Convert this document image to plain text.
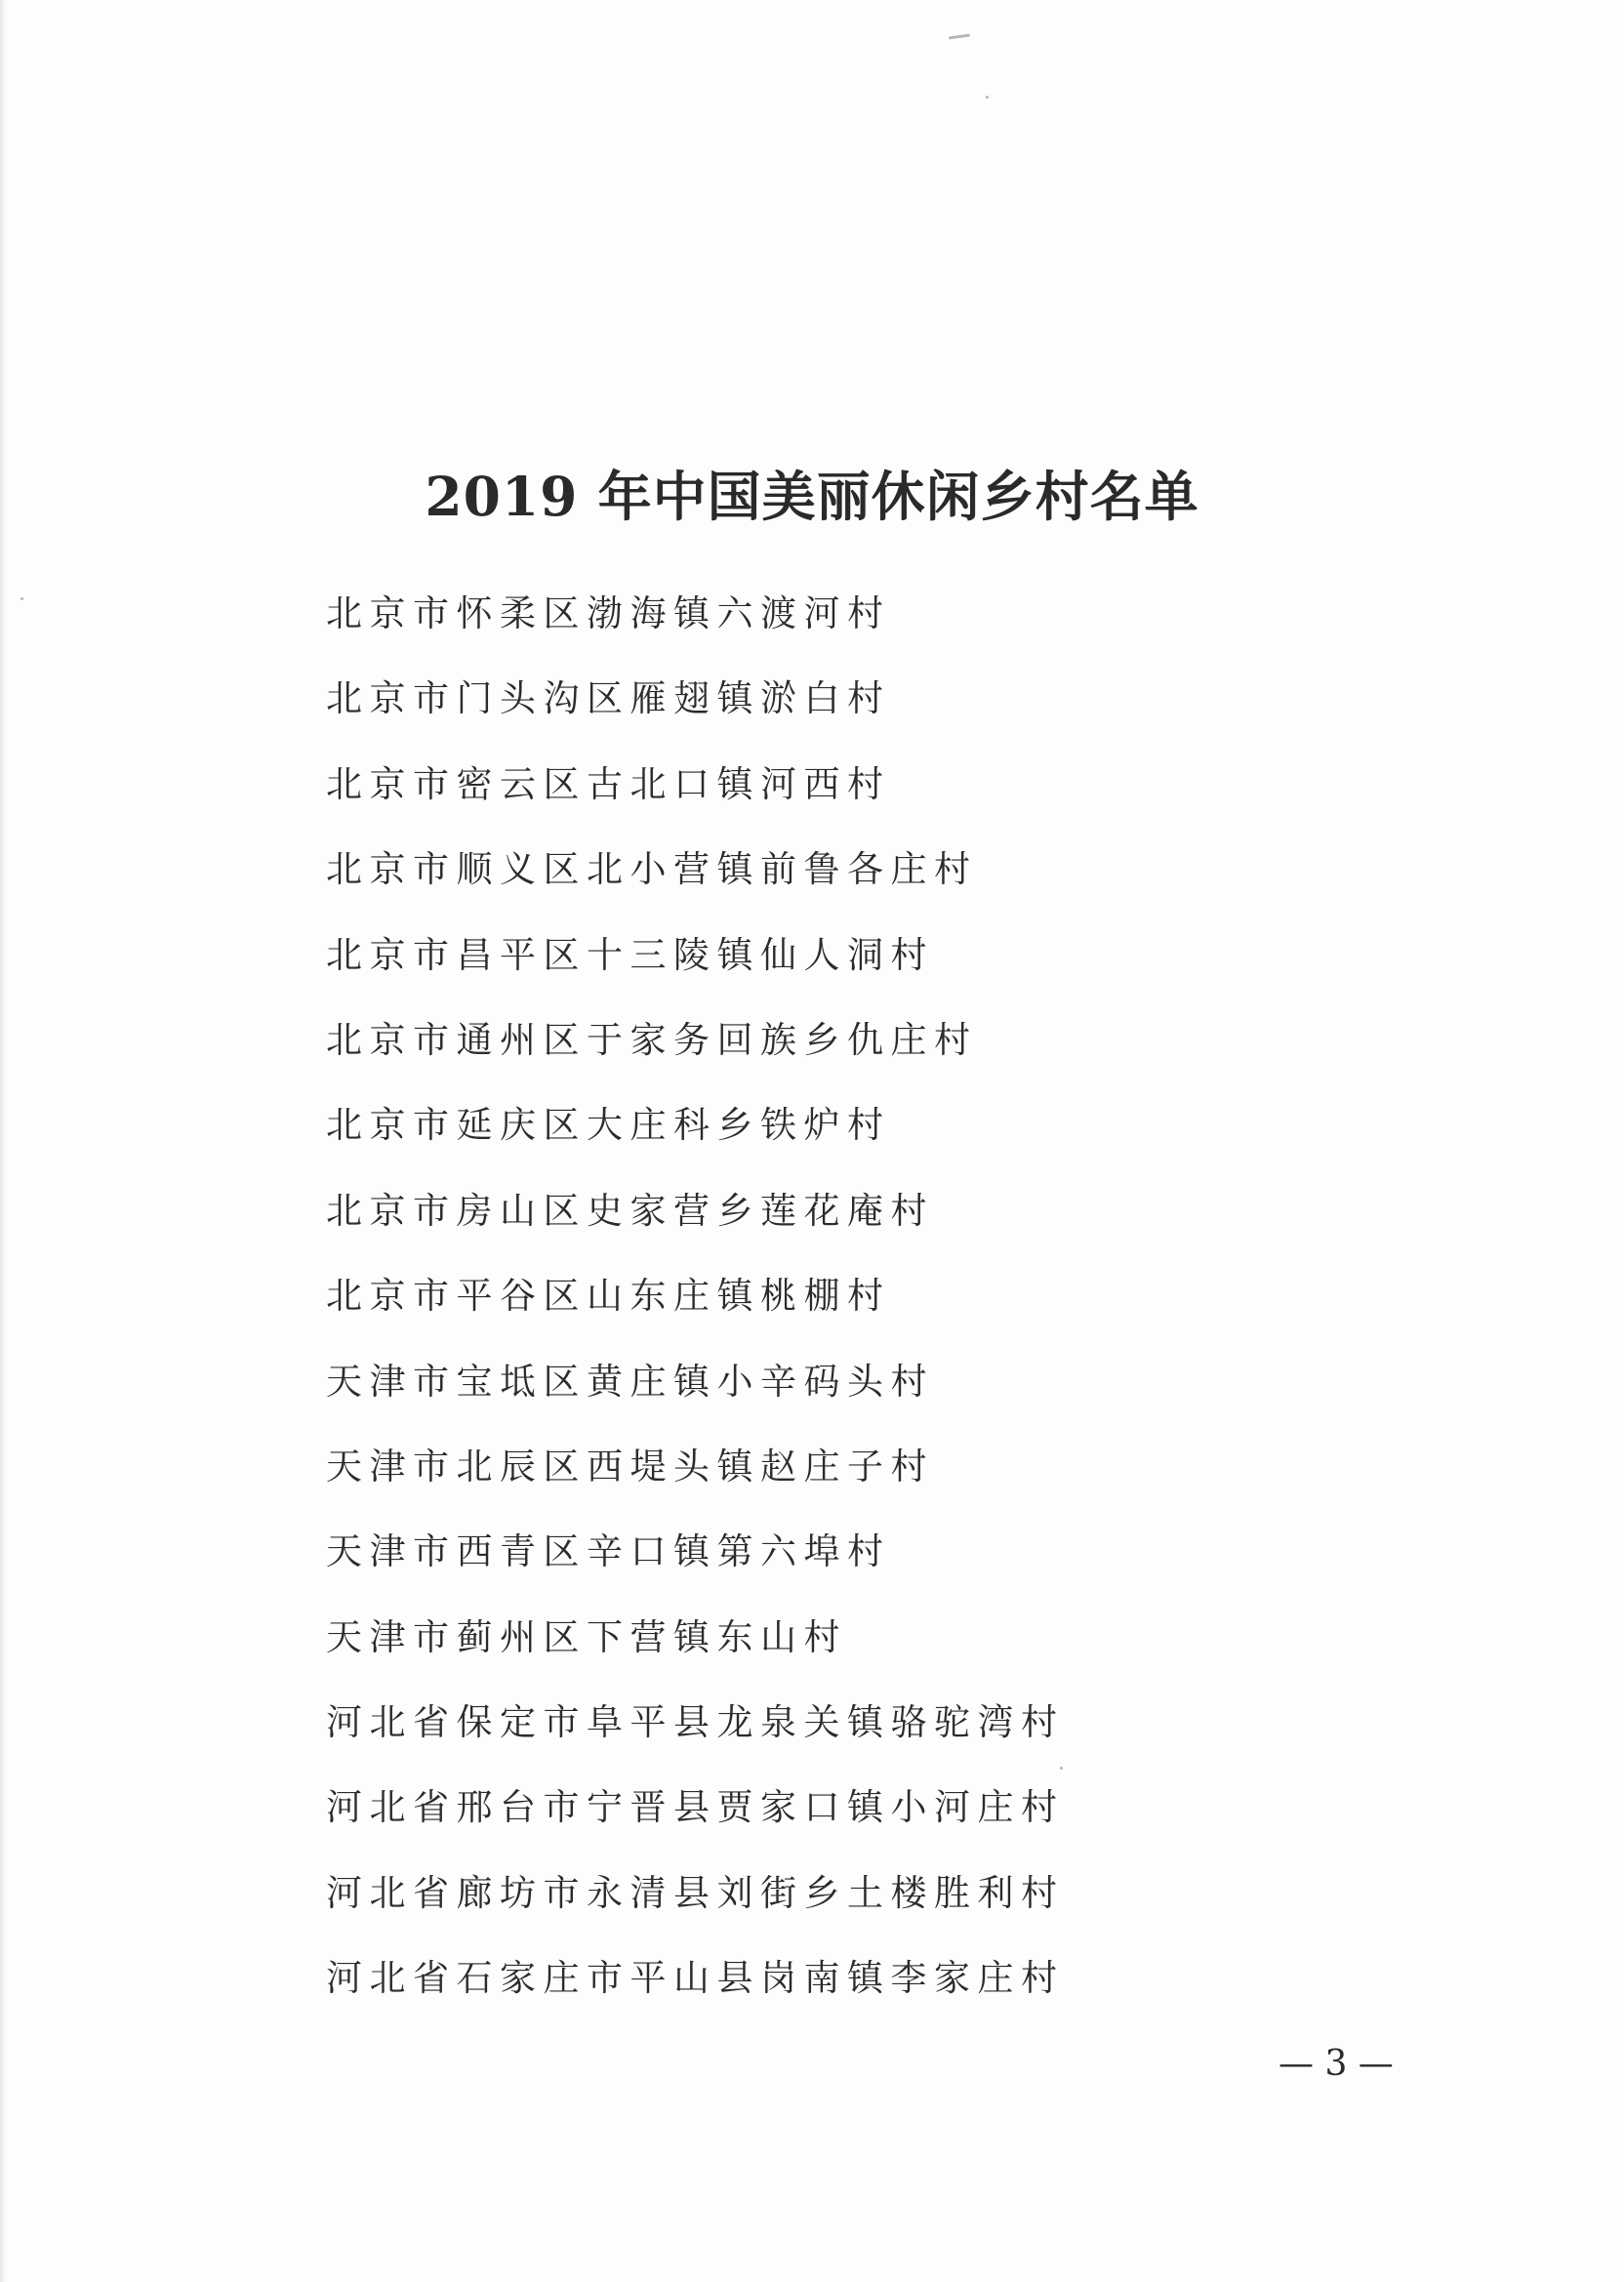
2019 年中国美丽休闲乡村名单
北京市怀柔区渤海镇六渡河村
北京市门头沟区雁翅镇淤白村
北京市密云区古北口镇河西村
北京市顺义区北小营镇前鲁各庄村
北京市昌平区十三陵镇仙人洞村
北京市通州区于家务回族乡仇庄村
北京市延庆区大庄科乡铁炉村
北京市房山区史家营乡莲花庵村
北京市平谷区山东庄镇桃棚村
天津市宝坻区黄庄镇小辛码头村
天津市北辰区西堤头镇赵庄子村
天津市西青区辛口镇第六埠村
天津市蓟州区下营镇东山村
河北省保定市阜平县龙泉关镇骆驼湾村
河北省邢台市宁晋县贾家口镇小河庄村
河北省廊坊市永清县刘街乡土楼胜利村
河北省石家庄市平山县岗南镇李家庄村
— 3 —
